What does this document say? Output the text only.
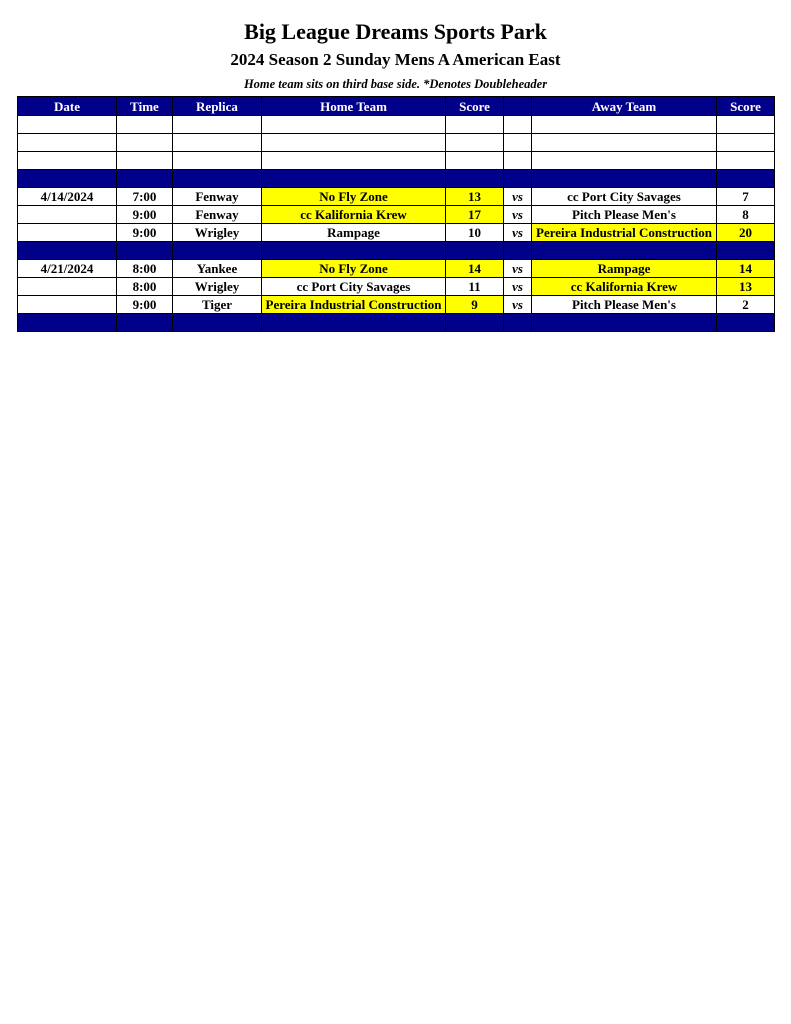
Big League Dreams Sports Park
2024 Season 2 Sunday Mens A American East
Home team sits on third base side. *Denotes Doubleheader
Date	Time	Replica	Home Team	Score		Away Team	Score

4/14/2024	7:00	Fenway	No Fly Zone	13	vs	cc Port City Savages	7
	9:00	Fenway	cc Kalifornia Krew	17	vs	Pitch Please Men's	8
	9:00	Wrigley	Rampage	10	vs	Pereira Industrial Construction	20

4/21/2024	8:00	Yankee	No Fly Zone	14	vs	Rampage	14
	8:00	Wrigley	cc Port City Savages	11	vs	cc Kalifornia Krew	13
	9:00	Tiger	Pereira Industrial Construction	9	vs	Pitch Please Men's	2
